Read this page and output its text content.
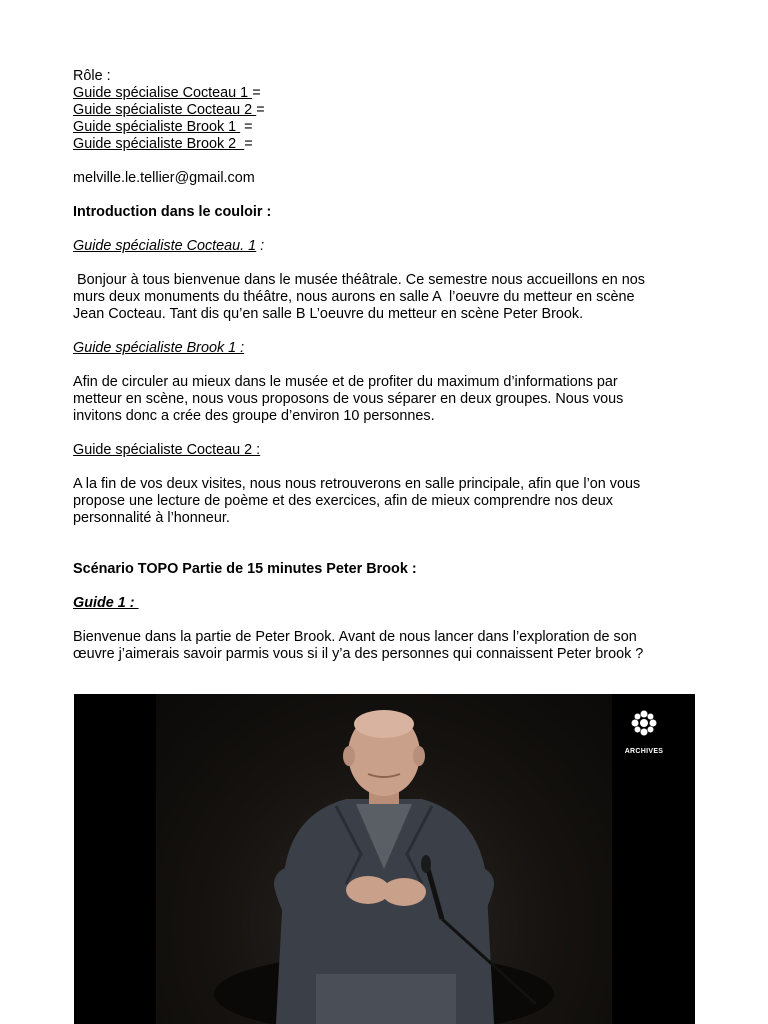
Rôle :
Guide spécialise Cocteau 1 =
Guide spécialiste Cocteau 2 =
Guide spécialiste Brook 1  =
Guide spécialiste Brook 2  =
melville.le.tellier@gmail.com
Introduction dans le couloir :
Guide spécialiste Cocteau. 1 :
Bonjour à tous bienvenue dans le musée théâtrale. Ce semestre nous accueillons en nos
murs deux monuments du théâtre, nous aurons en salle A  l’oeuvre du metteur en scène
Jean Cocteau. Tant dis qu’en salle B L’oeuvre du metteur en scène Peter Brook.
Guide spécialiste Brook 1 :
Afin de circuler au mieux dans le musée et de profiter du maximum d’informations par
metteur en scène, nous vous proposons de vous séparer en deux groupes. Nous vous
invitons donc a crée des groupe d’environ 10 personnes.
Guide spécialiste Cocteau 2 :
A la fin de vos deux visites, nous nous retrouverons en salle principale, afin que l’on vous
propose une lecture de poème et des exercices, afin de mieux comprendre nos deux
personnalité à l’honneur.
Scénario TOPO Partie de 15 minutes Peter Brook :
Guide 1 :
Bienvenue dans la partie de Peter Brook. Avant de nous lancer dans l’exploration de son
œuvre j’aimerais savoir parmis vous si il y’a des personnes qui connaissent Peter brook ?
ARCHIVES
